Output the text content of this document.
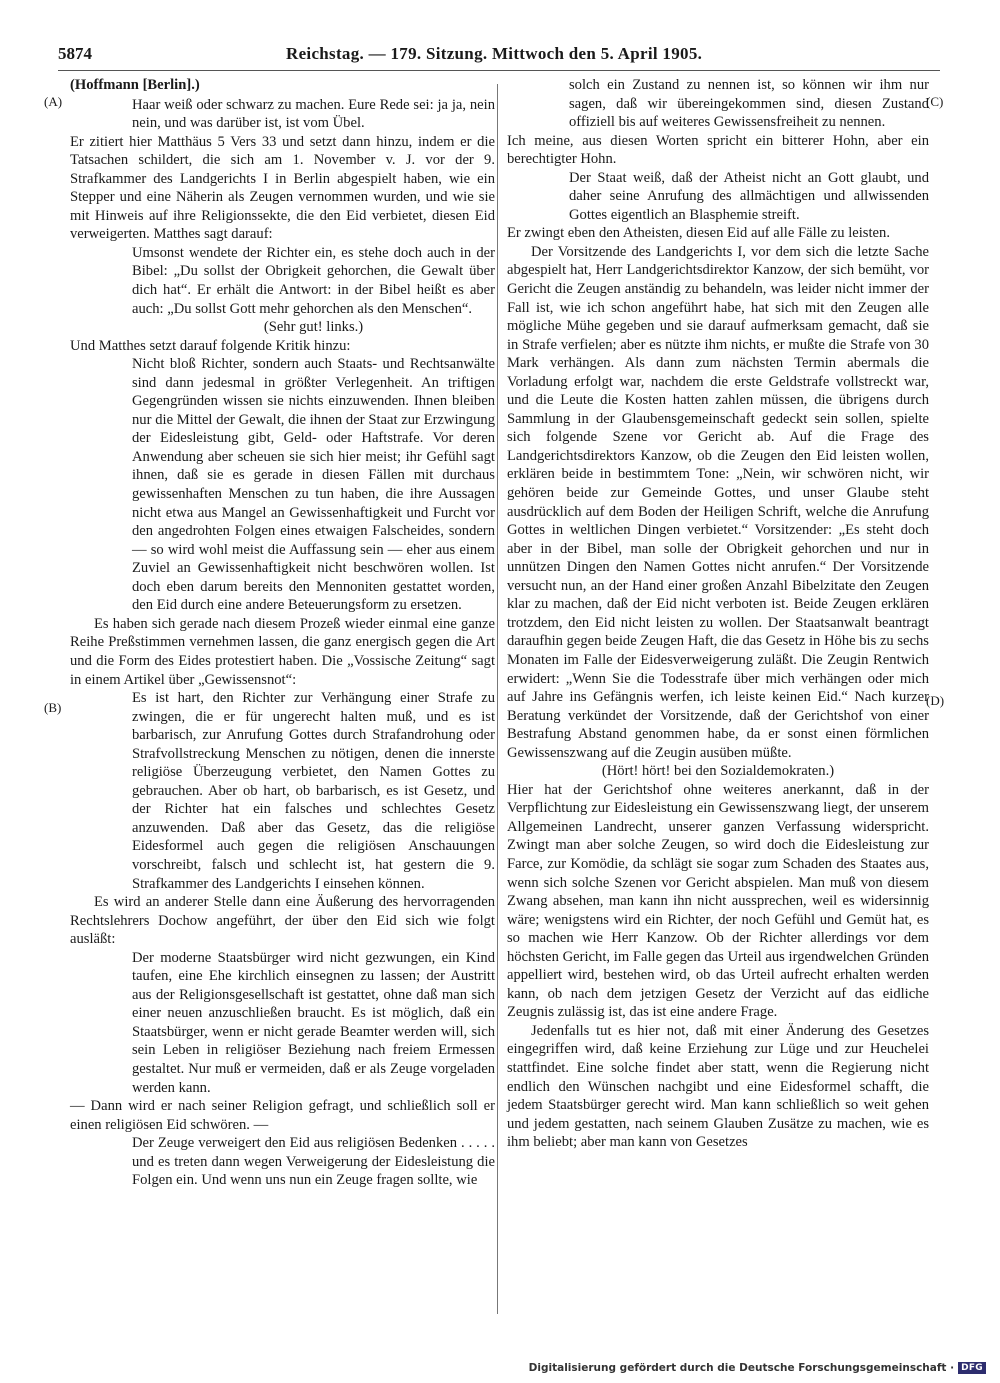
5874	Reichstag. — 179. Sitzung. Mittwoch den 5. April 1905.
(A)
(B)
(C)
(D)

(Hoffmann [Berlin].)

Haar weiß oder schwarz zu machen. Eure Rede sei: ja ja, nein nein, und was darüber ist, ist vom Übel.

Er zitiert hier Matthäus 5 Vers 33 und setzt dann hinzu, indem er die Tatsachen schildert, die sich am 1. November v. J. vor der 9. Strafkammer des Landgerichts I in Berlin abgespielt haben, wie ein Stepper und eine Näherin als Zeugen vernommen wurden, und wie sie mit Hinweis auf ihre Religionssekte, die den Eid verbietet, diesen Eid verweigerten. Matthes sagt darauf:

Umsonst wendete der Richter ein, es stehe doch auch in der Bibel: „Du sollst der Obrigkeit gehorchen, die Gewalt über dich hat“. Er erhält die Antwort: in der Bibel heißt es aber auch: „Du sollst Gott mehr gehorchen als den Menschen“.

(Sehr gut! links.)

Und Matthes setzt darauf folgende Kritik hinzu:

Nicht bloß Richter, sondern auch Staats- und Rechtsanwälte sind dann jedesmal in größter Verlegenheit. An triftigen Gegengründen wissen sie nichts einzuwenden. Ihnen bleiben nur die Mittel der Gewalt, die ihnen der Staat zur Erzwingung der Eidesleistung gibt, Geld- oder Haftstrafe. Vor deren Anwendung aber scheuen sie sich hier meist; ihr Gefühl sagt ihnen, daß sie es gerade in diesen Fällen mit durchaus gewissenhaften Menschen zu tun haben, die ihre Aussagen nicht etwa aus Mangel an Gewissenhaftigkeit und Furcht vor den angedrohten Folgen eines etwaigen Falscheides, sondern — so wird wohl meist die Auffassung sein — eher aus einem Zuviel an Gewissenhaftigkeit nicht beschwören wollen. Ist doch eben darum bereits den Mennoniten gestattet worden, den Eid durch eine andere Beteuerungsform zu ersetzen.

Es haben sich gerade nach diesem Prozeß wieder einmal eine ganze Reihe Preßstimmen vernehmen lassen, die ganz energisch gegen die Art und die Form des Eides protestiert haben. Die „Vossische Zeitung“ sagt in einem Artikel über „Gewissensnot“:

Es ist hart, den Richter zur Verhängung einer Strafe zu zwingen, die er für ungerecht halten muß, und es ist barbarisch, zur Anrufung Gottes durch Strafandrohung oder Strafvollstreckung Menschen zu nötigen, denen die innerste religiöse Überzeugung verbietet, den Namen Gottes zu gebrauchen. Aber ob hart, ob barbarisch, es ist Gesetz, und der Richter hat ein falsches und schlechtes Gesetz anzuwenden. Daß aber das Gesetz, das die religiöse Eidesformel auch gegen die religiösen Anschauungen vorschreibt, falsch und schlecht ist, hat gestern die 9. Strafkammer des Landgerichts I einsehen können.

Es wird an anderer Stelle dann eine Äußerung des hervorragenden Rechtslehrers Dochow angeführt, der über den Eid sich wie folgt ausläßt:

Der moderne Staatsbürger wird nicht gezwungen, ein Kind taufen, eine Ehe kirchlich einsegnen zu lassen; der Austritt aus der Religionsgesellschaft ist gestattet, ohne daß man sich einer neuen anzuschließen braucht. Es ist möglich, daß ein Staatsbürger, wenn er nicht gerade Beamter werden will, sich sein Leben in religiöser Beziehung nach freiem Ermessen gestaltet. Nur muß er vermeiden, daß er als Zeuge vorgeladen werden kann.

— Dann wird er nach seiner Religion gefragt, und schließlich soll er einen religiösen Eid schwören. —

Der Zeuge verweigert den Eid aus religiösen Bedenken . . . . . und es treten dann wegen Verweigerung der Eidesleistung die Folgen ein. Und wenn uns nun ein Zeuge fragen sollte, wie

solch ein Zustand zu nennen ist, so können wir ihm nur sagen, daß wir übereingekommen sind, diesen Zustand offiziell bis auf weiteres Gewissensfreiheit zu nennen.

Ich meine, aus diesen Worten spricht ein bitterer Hohn, aber ein berechtigter Hohn.

Der Staat weiß, daß der Atheist nicht an Gott glaubt, und daher seine Anrufung des allmächtigen und allwissenden Gottes eigentlich an Blasphemie streift.

Er zwingt eben den Atheisten, diesen Eid auf alle Fälle zu leisten.

Der Vorsitzende des Landgerichts I, vor dem sich die letzte Sache abgespielt hat, Herr Landgerichtsdirektor Kanzow, der sich bemüht, vor Gericht die Zeugen anständig zu behandeln, was leider nicht immer der Fall ist, wie ich schon angeführt habe, hat sich mit den Zeugen alle mögliche Mühe gegeben und sie darauf aufmerksam gemacht, daß sie in Strafe verfielen; aber es nützte ihm nichts, er mußte die Strafe von 30 Mark verhängen. Als dann zum nächsten Termin abermals die Vorladung erfolgt war, nachdem die erste Geldstrafe vollstreckt war, und die Leute die Kosten hatten zahlen müssen, die übrigens durch Sammlung in der Glaubensgemeinschaft gedeckt sein sollen, spielte sich folgende Szene vor Gericht ab. Auf die Frage des Landgerichtsdirektors Kanzow, ob die Zeugen den Eid leisten wollen, erklären beide in bestimmtem Tone: „Nein, wir schwören nicht, wir gehören beide zur Gemeinde Gottes, und unser Glaube steht ausdrücklich auf dem Boden der Heiligen Schrift, welche die Anrufung Gottes in weltlichen Dingen verbietet.“ Vorsitzender: „Es steht doch aber in der Bibel, man solle der Obrigkeit gehorchen und nur in unnützen Dingen den Namen Gottes nicht anrufen.“ Der Vorsitzende versucht nun, an der Hand einer großen Anzahl Bibelzitate den Zeugen klar zu machen, daß der Eid nicht verboten ist. Beide Zeugen erklären trotzdem, den Eid nicht leisten zu wollen. Der Staatsanwalt beantragt daraufhin gegen beide Zeugen Haft, die das Gesetz in Höhe bis zu sechs Monaten im Falle der Eidesverweigerung zuläßt. Die Zeugin Rentwich erwidert: „Wenn Sie die Todesstrafe über mich verhängen oder mich auf Jahre ins Gefängnis werfen, ich leiste keinen Eid.“ Nach kurzer Beratung verkündet der Vorsitzende, daß der Gerichtshof von einer Bestrafung Abstand genommen habe, da er sonst einen förmlichen Gewissenszwang auf die Zeugin ausüben müßte.

(Hört! hört! bei den Sozialdemokraten.)

Hier hat der Gerichtshof ohne weiteres anerkannt, daß in der Verpflichtung zur Eidesleistung ein Gewissenszwang liegt, der unserem Allgemeinen Landrecht, unserer ganzen Verfassung widerspricht. Zwingt man aber solche Zeugen, so wird doch die Eidesleistung zur Farce, zur Komödie, da schlägt sie sogar zum Schaden des Staates aus, wenn sich solche Szenen vor Gericht abspielen. Man muß von diesem Zwang absehen, man kann ihn nicht aussprechen, weil es widersinnig wäre; wenigstens wird ein Richter, der noch Gefühl und Gemüt hat, es so machen wie Herr Kanzow. Ob der Richter allerdings vor dem höchsten Gericht, im Falle gegen das Urteil aus irgendwelchen Gründen appelliert wird, bestehen wird, ob das Urteil aufrecht erhalten werden kann, ob nach dem jetzigen Gesetz der Verzicht auf das eidliche Zeugnis zulässig ist, das ist eine andere Frage.

Jedenfalls tut es hier not, daß mit einer Änderung des Gesetzes eingegriffen wird, daß keine Erziehung zur Lüge und zur Heuchelei stattfindet. Eine solche findet aber statt, wenn die Regierung nicht endlich den Wünschen nachgibt und eine Eidesformel schafft, die jedem Staatsbürger gerecht wird. Man kann schließlich so weit gehen und jedem gestatten, nach seinem Glauben Zusätze zu machen, wie es ihm beliebt; aber man kann von Gesetzes

Digitalisierung gefördert durch die Deutsche Forschungsgemeinschaft · DFG
